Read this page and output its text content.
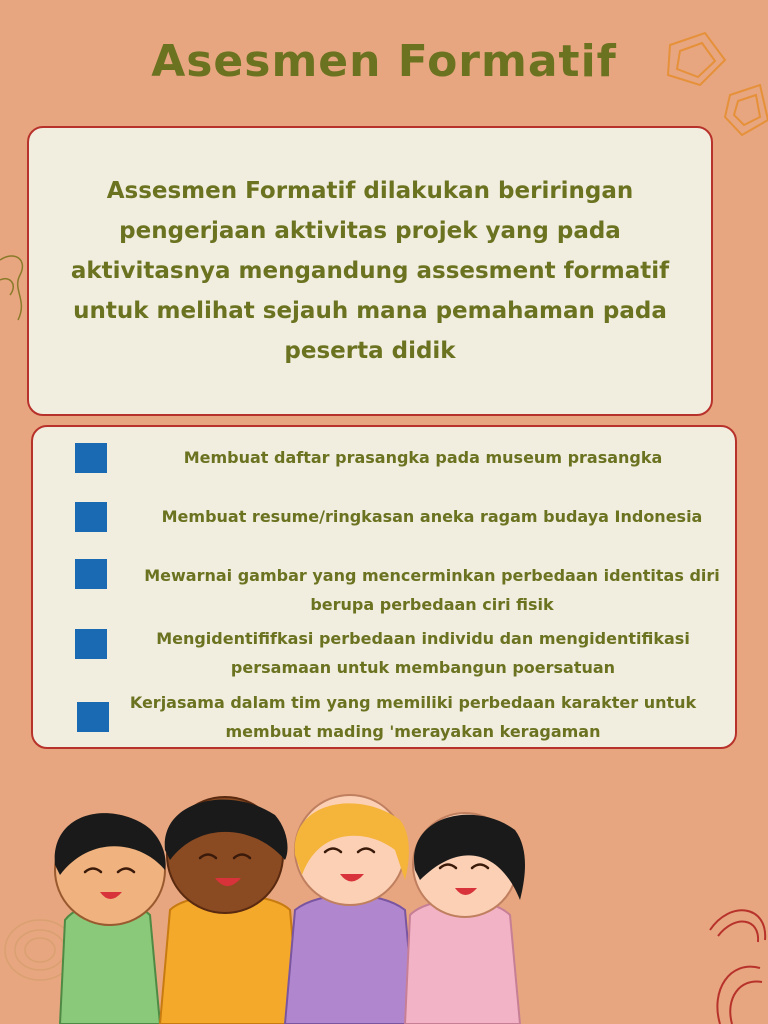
Asesmen Formatif
Assesmen Formatif dilakukan beriringan pengerjaan aktivitas projek yang pada aktivitasnya mengandung assesment formatif untuk melihat sejauh mana pemahaman pada peserta didik
Membuat daftar prasangka pada museum prasangka
Membuat resume/ringkasan aneka ragam budaya Indonesia
Mewarnai gambar yang mencerminkan perbedaan identitas diri berupa perbedaan ciri fisik
Mengidentififkasi perbedaan individu dan mengidentifikasi persamaan untuk membangun poersatuan
Kerjasama dalam tim yang memiliki perbedaan karakter untuk membuat mading 'merayakan keragaman
